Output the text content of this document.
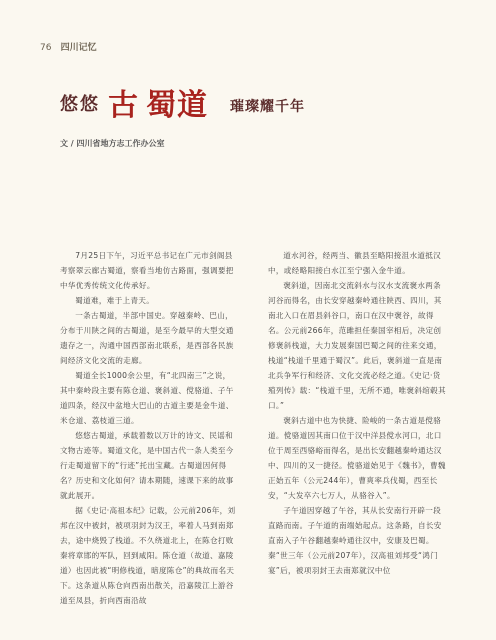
76 四川记忆
悠悠 古 蜀道 璀璨耀千年
文 / 四川省地方志工作办公室

7月25日下午，习近平总书记在广元市剑阁县考察翠云廊古蜀道，察看当地仿古路面，强调要把中华优秀传统文化传承好。

蜀道难，难于上青天。

一条古蜀道，半部中国史。穿越秦岭、巴山，分布于川陕之间的古蜀道，是至今最早的大型交通遗存之一，沟通中国西部南北联系，是西部各民族间经济文化交流的走廊。

蜀道全长1000余公里，有“北四南三”之说，其中秦岭段主要有陈仓道、褒斜道、傥骆道、子午道四条，经汉中盆地大巴山的古道主要是金牛道、米仓道、荔枝道三道。

悠悠古蜀道，承载着数以万计的诗文、民谣和文物古迹等。蜀道文化，是中国古代一条人类至今行走蜀道留下的“行迹”托出宝藏。古蜀道因何得名？历史和文化如何？请本期随，速课下来的故事就此展开。

据《史记·高祖本纪》记载，公元前206年，刘邦在汉中被封，被项羽封为汉王，率着人马到南郑去，途中烧毁了栈道。不久绕道北上，在陈仓打败秦将章邯的军队，回到咸阳。陈仓道（故道、嘉陵道）也因此被“明修栈道，暗度陈仓”的典故而名天下。这条道从陈仓向西南出散关，沿嘉陵江上游谷道至凤县，折向西南沿故

道水河谷，经两当、徽县至略阳接沮水道抵汉中，或经略阳接白水江至宁强入金牛道。

褒斜道，因南北交流斜水与汉水支流褒水两条河谷而得名，由长安穿越秦岭通往陕西、四川，其南北入口在眉县斜谷口，南口在汉中褒谷，故得名。公元前266年，范雎担任秦国宰相后，决定创修褒斜栈道，大力发展秦国巴蜀之间的往来交通，栈道“栈道千里通于蜀汉”。此后，褒斜道一直是南北兵争军行和经济、文化交流必经之道。《史记·货殖列传》载：“栈道千里，无所不通，唯褒斜绾毂其口。”

褒斜古道中也为快捷、险峻的一条古道是傥骆道。傥骆道因其南口位于汉中洋县傥水河口，北口位于周至西骆峪而得名，是出长安翻越秦岭通达汉中、四川的又一捷径。傥骆道始见于《魏书》，曹魏正始五年（公元244年），曹爽率兵伐蜀，西至长安，“大发卒六七万人，从骆谷入”。

子午道因穿越了午谷，其从长安南行开辟一段直路而南。子午道的南端始起点。这条路，自长安直南入子午谷翻越秦岭通往汉中，安康及巴蜀。秦“世三年（公元前207年），汉高祖刘邦受“鸿门宴”后，被项羽封王去南郑就汉中位
